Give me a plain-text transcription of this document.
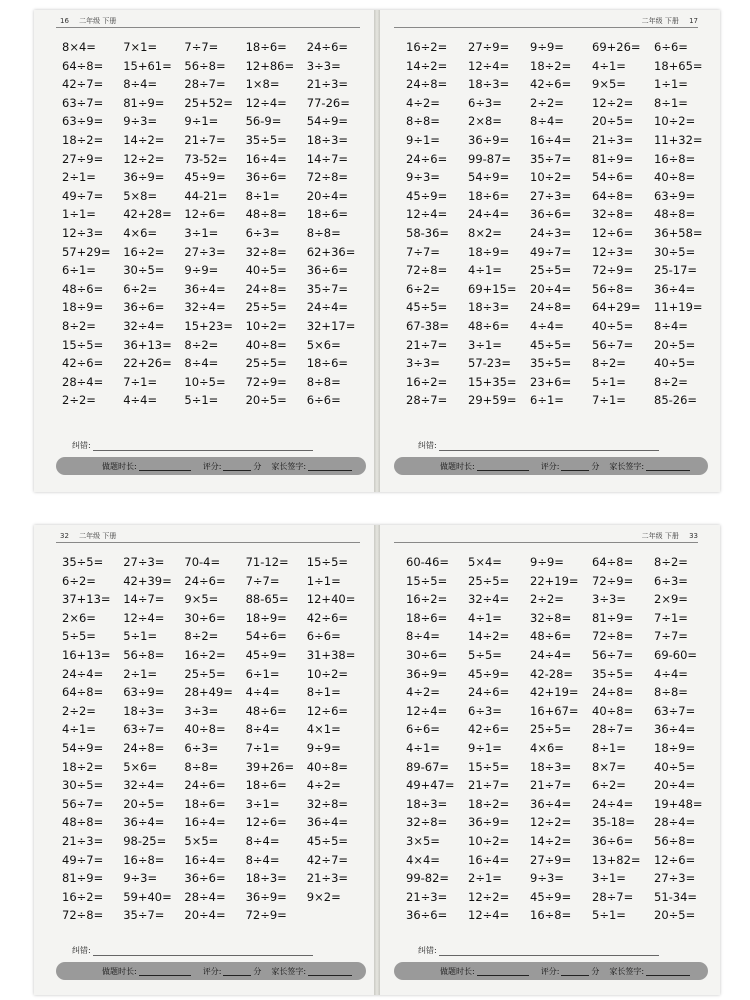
16 二年级 下册
8×4=	7×1=	7÷7=	18÷6=	24÷6=
64÷8=	15+61=	56÷8=	12+86=	3÷3=
42÷7=	8÷4=	28÷7=	1×8=	21÷3=
63÷7=	81÷9=	25+52=	12÷4=	77-26=
63÷9=	9÷3=	9÷1=	56-9=	54÷9=
18÷2=	14÷2=	21÷7=	35÷5=	18÷3=
27÷9=	12÷2=	73-52=	16÷4=	14÷7=
2÷1=	36÷9=	45÷9=	36÷6=	72÷8=
49÷7=	5×8=	44-21=	8÷1=	20÷4=
1÷1=	42+28=	12÷6=	48÷8=	18÷6=
12÷3=	4×6=	3÷1=	6÷3=	8÷8=
57+29=	16÷2=	27÷3=	32÷8=	62+36=
6÷1=	30÷5=	9÷9=	40÷5=	36÷6=
48÷6=	6÷2=	36÷4=	24÷8=	35÷7=
18÷9=	36÷6=	32÷4=	25÷5=	24÷4=
8÷2=	32÷4=	15+23=	10÷2=	32+17=
15÷5=	36+13=	8÷2=	40÷8=	5×6=
42÷6=	22+26=	8÷4=	25÷5=	18÷6=
28÷4=	7÷1=	10÷5=	72÷9=	8÷8=
2÷2=	4÷4=	5÷1=	20÷5=	6÷6=
纠错:
做题时长:	评分:	分 家长签字:
二年级 下册 17
16÷2=	27÷9=	9÷9=	69+26=	6÷6=
14÷2=	12÷4=	18÷2=	4÷1=	18+65=
24÷8=	18÷3=	42÷6=	9×5=	1÷1=
4÷2=	6÷3=	2÷2=	12÷2=	8÷1=
8÷8=	2×8=	8÷4=	20÷5=	10÷2=
9÷1=	36÷9=	16÷4=	21÷3=	11+32=
24÷6=	99-87=	35÷7=	81÷9=	16÷8=
9÷3=	54÷9=	10÷2=	54÷6=	40÷8=
45÷9=	18÷6=	27÷3=	64÷8=	63÷9=
12÷4=	24÷4=	36÷6=	32÷8=	48÷8=
58-36=	8×2=	24÷3=	12÷6=	36+58=
7÷7=	18÷9=	49÷7=	12÷3=	30÷5=
72÷8=	4÷1=	25÷5=	72÷9=	25-17=
6÷2=	69+15=	20÷4=	56÷8=	36÷4=
45÷5=	18÷3=	24÷8=	64+29=	11+19=
67-38=	48÷6=	4÷4=	40÷5=	8÷4=
21÷7=	3÷1=	45÷5=	56÷7=	20÷5=
3÷3=	57-23=	35÷5=	8÷2=	40÷5=
16÷2=	15+35=	23+6=	5÷1=	8÷2=
28÷7=	29+59=	6÷1=	7÷1=	85-26=
纠错:
做题时长:	评分:	分 家长签字:
32 二年级 下册
35÷5=	27÷3=	70-4=	71-12=	15÷5=
6÷2=	42+39=	24÷6=	7÷7=	1÷1=
37+13=	14÷7=	9×5=	88-65=	12+40=
2×6=	12÷4=	30÷6=	18÷9=	42÷6=
5÷5=	5÷1=	8÷2=	54÷6=	6÷6=
16+13=	56÷8=	16÷2=	45÷9=	31+38=
24÷4=	2÷1=	25÷5=	6÷1=	10÷2=
64÷8=	63÷9=	28+49=	4÷4=	8÷1=
2÷2=	18÷3=	3÷3=	48÷6=	12÷6=
4÷1=	63÷7=	40÷8=	8÷4=	4×1=
54÷9=	24÷8=	6÷3=	7÷1=	9÷9=
18÷2=	5×6=	8÷8=	39+26=	40÷8=
30÷5=	32÷4=	24÷6=	18÷6=	4÷2=
56÷7=	20÷5=	18÷6=	3÷1=	32÷8=
48÷8=	36÷4=	16÷4=	12÷6=	36÷4=
21÷3=	98-25=	5×5=	8÷4=	45÷5=
49÷7=	16÷8=	16÷4=	8÷4=	42÷7=
81÷9=	9÷3=	36÷6=	18÷3=	21÷3=
16÷2=	59+40=	28÷4=	36÷9=	9×2=
72÷8=	35÷7=	20÷4=	72÷9=
纠错:
做题时长:	评分:	分 家长签字:
二年级 下册 33
60-46=	5×4=	9÷9=	64÷8=	8÷2=
15÷5=	25÷5=	22+19=	72÷9=	6÷3=
16÷2=	32÷4=	2÷2=	3÷3=	2×9=
18÷6=	4÷1=	32÷8=	81÷9=	7÷1=
8÷4=	14÷2=	48÷6=	72÷8=	7÷7=
30÷6=	5÷5=	24÷4=	56÷7=	69-60=
36÷9=	45÷9=	42-28=	35÷5=	4÷4=
4÷2=	24÷6=	42+19=	24÷8=	8÷8=
12÷4=	6÷3=	16+67=	40÷8=	63÷7=
6÷6=	42÷6=	25÷5=	28÷7=	36÷4=
4÷1=	9÷1=	4×6=	8÷1=	18÷9=
89-67=	15÷5=	18÷3=	8×7=	40÷5=
49+47=	21÷7=	21÷7=	6÷2=	20÷4=
18÷3=	18÷2=	36÷4=	24÷4=	19+48=
32÷8=	36÷9=	12÷2=	35-18=	28÷4=
3×5=	10÷2=	14÷2=	36÷6=	56÷8=
4×4=	16÷4=	27÷9=	13+82=	12÷6=
99-82=	2÷1=	9÷3=	3÷1=	27÷3=
21÷3=	12÷2=	45÷9=	28÷7=	51-34=
36÷6=	12÷4=	16÷8=	5÷1=	20÷5=
纠错:
做题时长:	评分:	分 家长签字:
